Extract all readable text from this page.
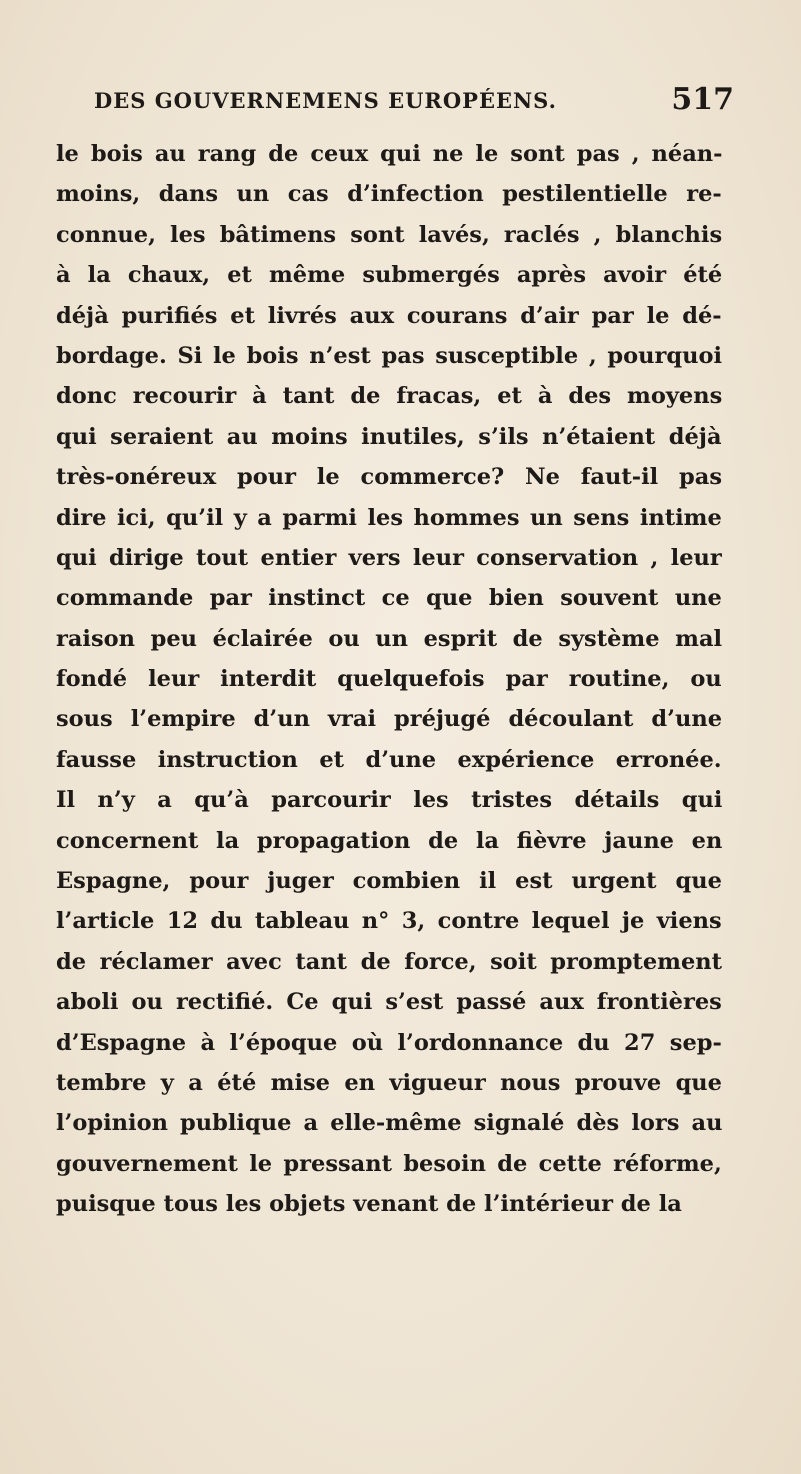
DES GOUVERNEMENS EUROPÉENS.	517
le bois au rang de ceux qui ne le sont pas , néan-
moins, dans un cas d’infection pestilentielle re-
connue, les bâtimens sont lavés, raclés , blanchis
à la chaux, et même submergés après avoir été
déjà purifiés et livrés aux courans d’air par le dé-
bordage. Si le bois n’est pas susceptible , pourquoi
donc recourir à tant de fracas, et à des moyens
qui seraient au moins inutiles, s’ils n’étaient déjà
très-onéreux pour le commerce? Ne faut-il pas
dire ici, qu’il y a parmi les hommes un sens intime
qui dirige tout entier vers leur conservation , leur
commande par instinct ce que bien souvent une
raison peu éclairée ou un esprit de système mal
fondé leur interdit quelquefois par routine, ou
sous l’empire d’un vrai préjugé découlant d’une
fausse instruction et d’une expérience erronée.
Il n’y a qu’à parcourir les tristes détails qui
concernent la propagation de la fièvre jaune en
Espagne, pour juger combien il est urgent que
l’article 12 du tableau n° 3, contre lequel je viens
de réclamer avec tant de force, soit promptement
aboli ou rectifié. Ce qui s’est passé aux frontières
d’Espagne à l’époque où l’ordonnance du 27 sep-
tembre y a été mise en vigueur nous prouve que
l’opinion publique a elle-même signalé dès lors au
gouvernement le pressant besoin de cette réforme,
puisque tous les objets venant de l’intérieur de la
